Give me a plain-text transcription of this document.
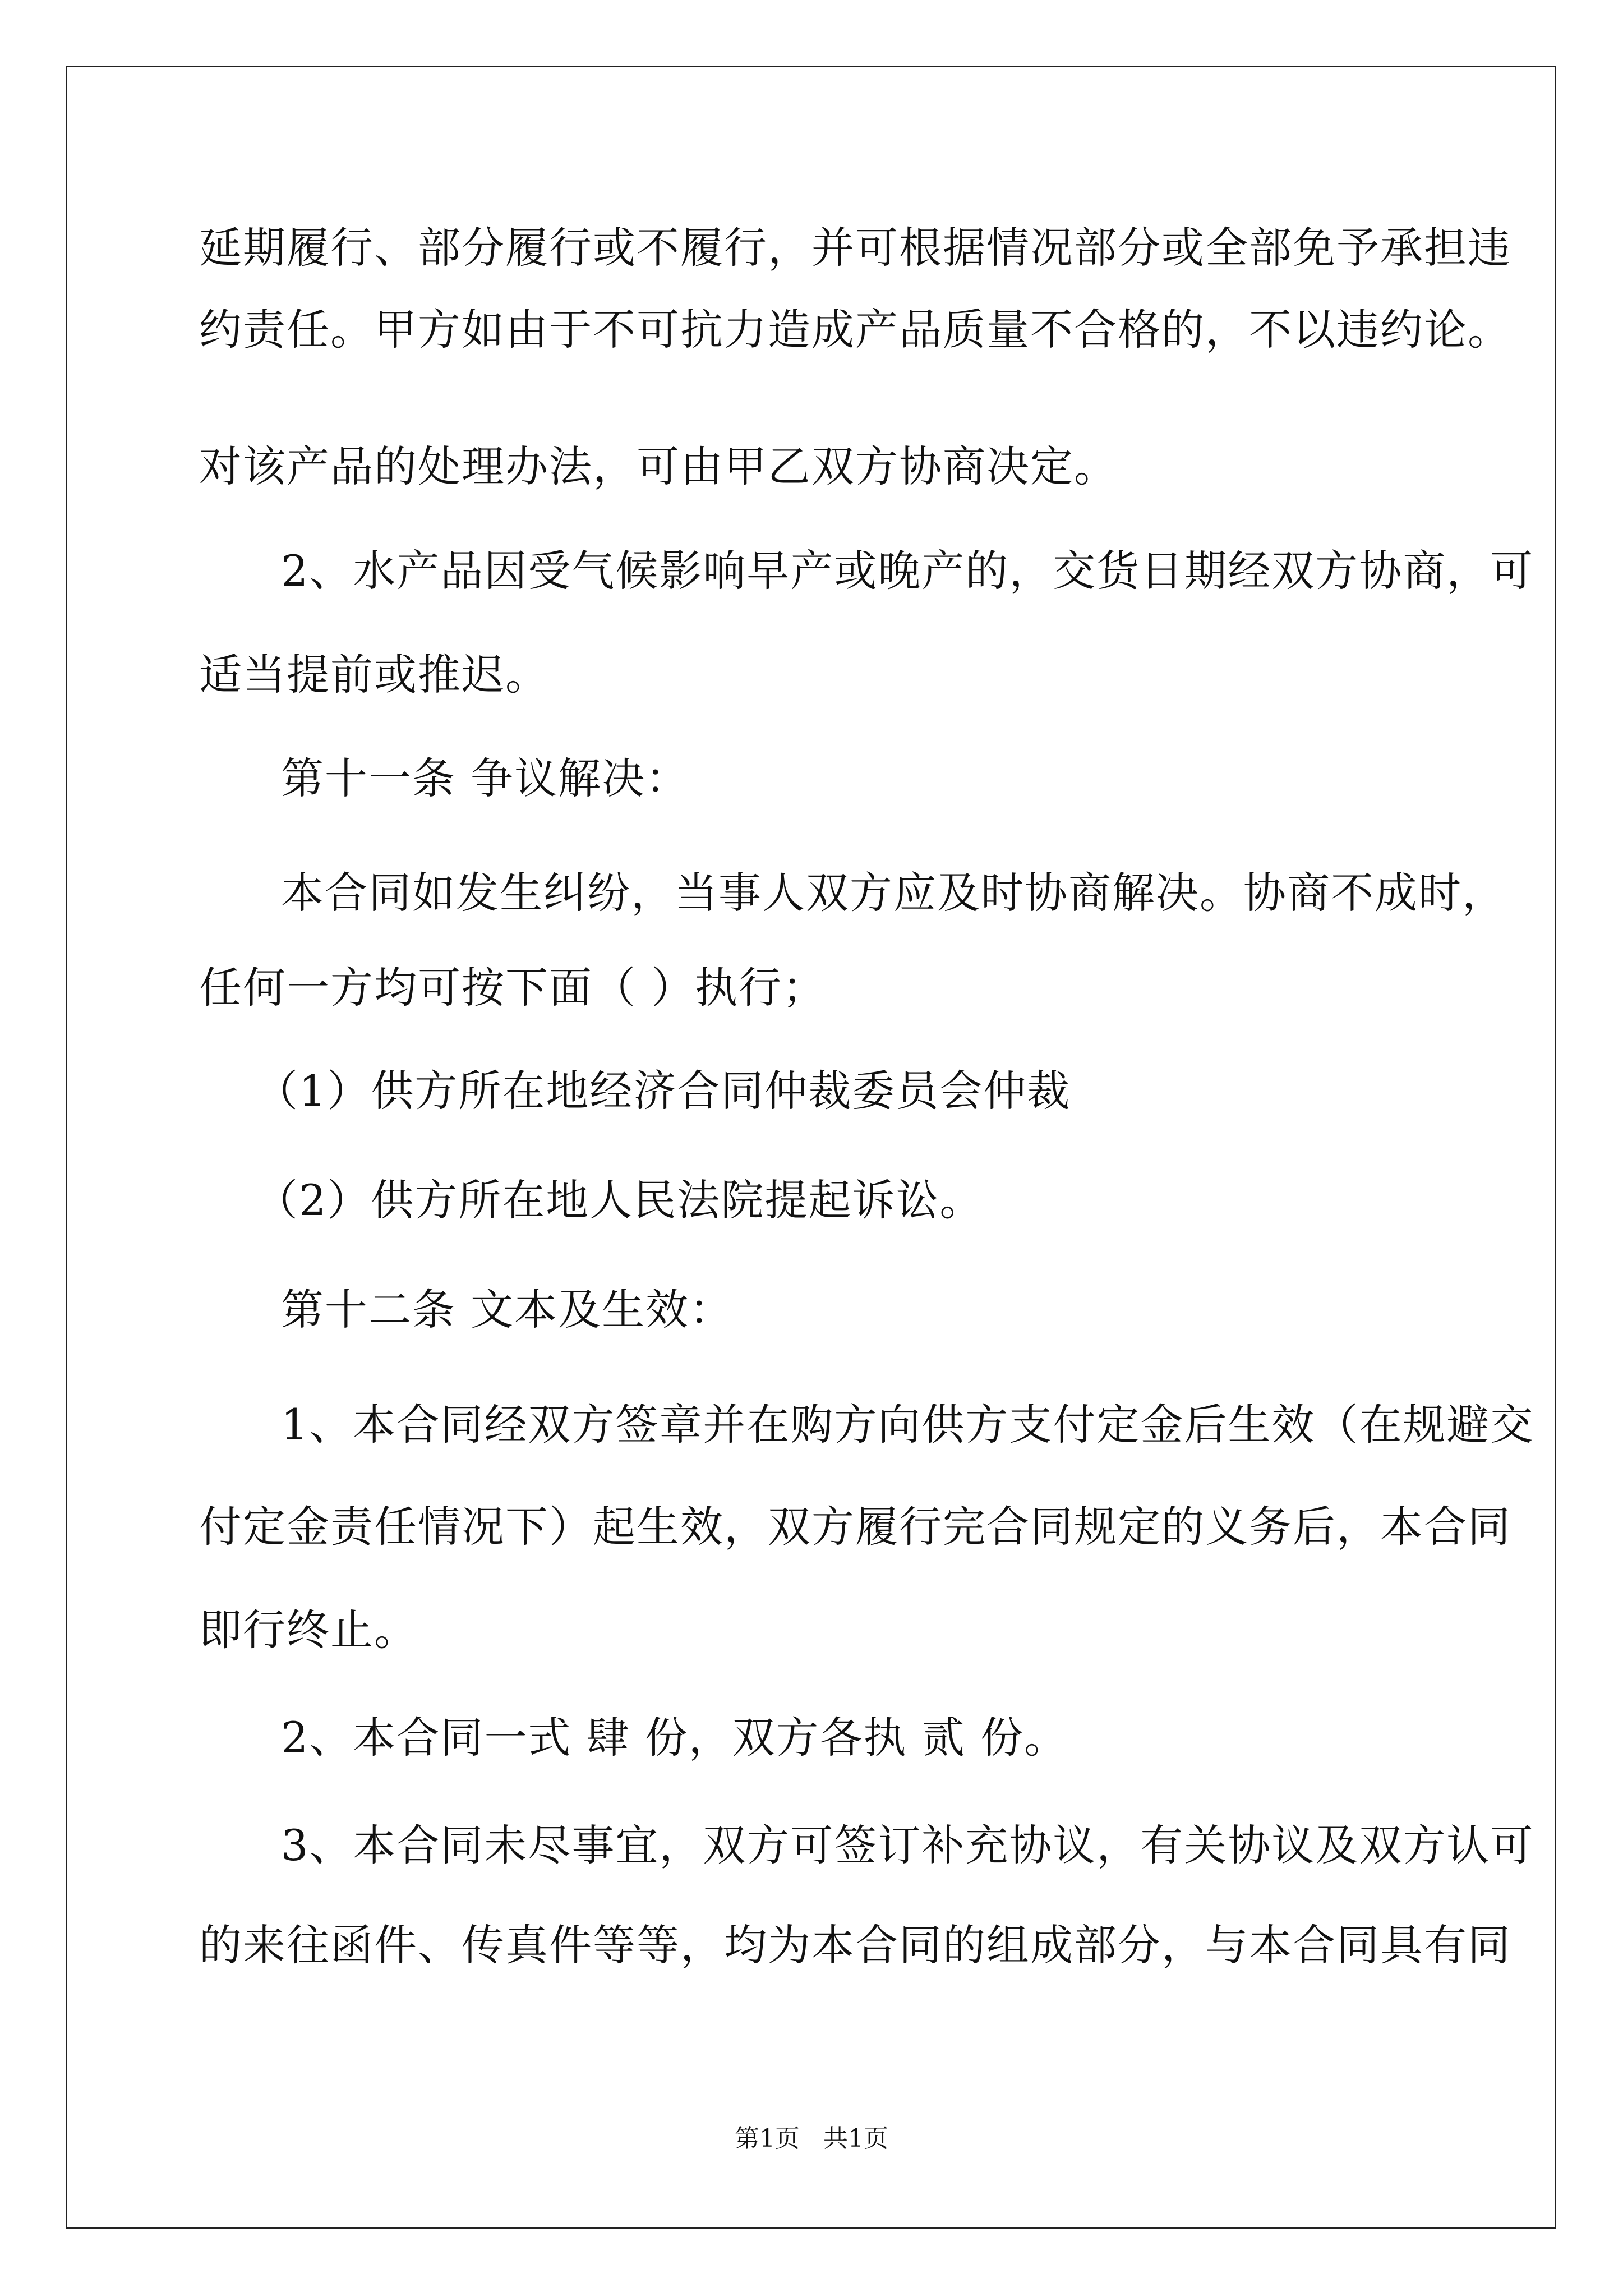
延期履行、部分履行或不履行，并可根据情况部分或全部免予承担违
约责任。甲方如由于不可抗力造成产品质量不合格的，不以违约论。
对该产品的处理办法，可由甲乙双方协商决定。
2、水产品因受气候影响早产或晚产的，交货日期经双方协商，可
适当提前或推迟。
第十一条 争议解决：
本合同如发生纠纷，当事人双方应及时协商解决。协商不成时，
任何一方均可按下面（ ）执行；
（1）供方所在地经济合同仲裁委员会仲裁
（2）供方所在地人民法院提起诉讼。
第十二条 文本及生效：
1、本合同经双方签章并在购方向供方支付定金后生效（在规避交
付定金责任情况下）起生效，双方履行完合同规定的义务后，本合同
即行终止。
2、本合同一式 肆 份，双方各执 贰 份。
3、本合同未尽事宜，双方可签订补充协议，有关协议及双方认可
的来往函件、传真件等等，均为本合同的组成部分，与本合同具有同
第1页   共1页
